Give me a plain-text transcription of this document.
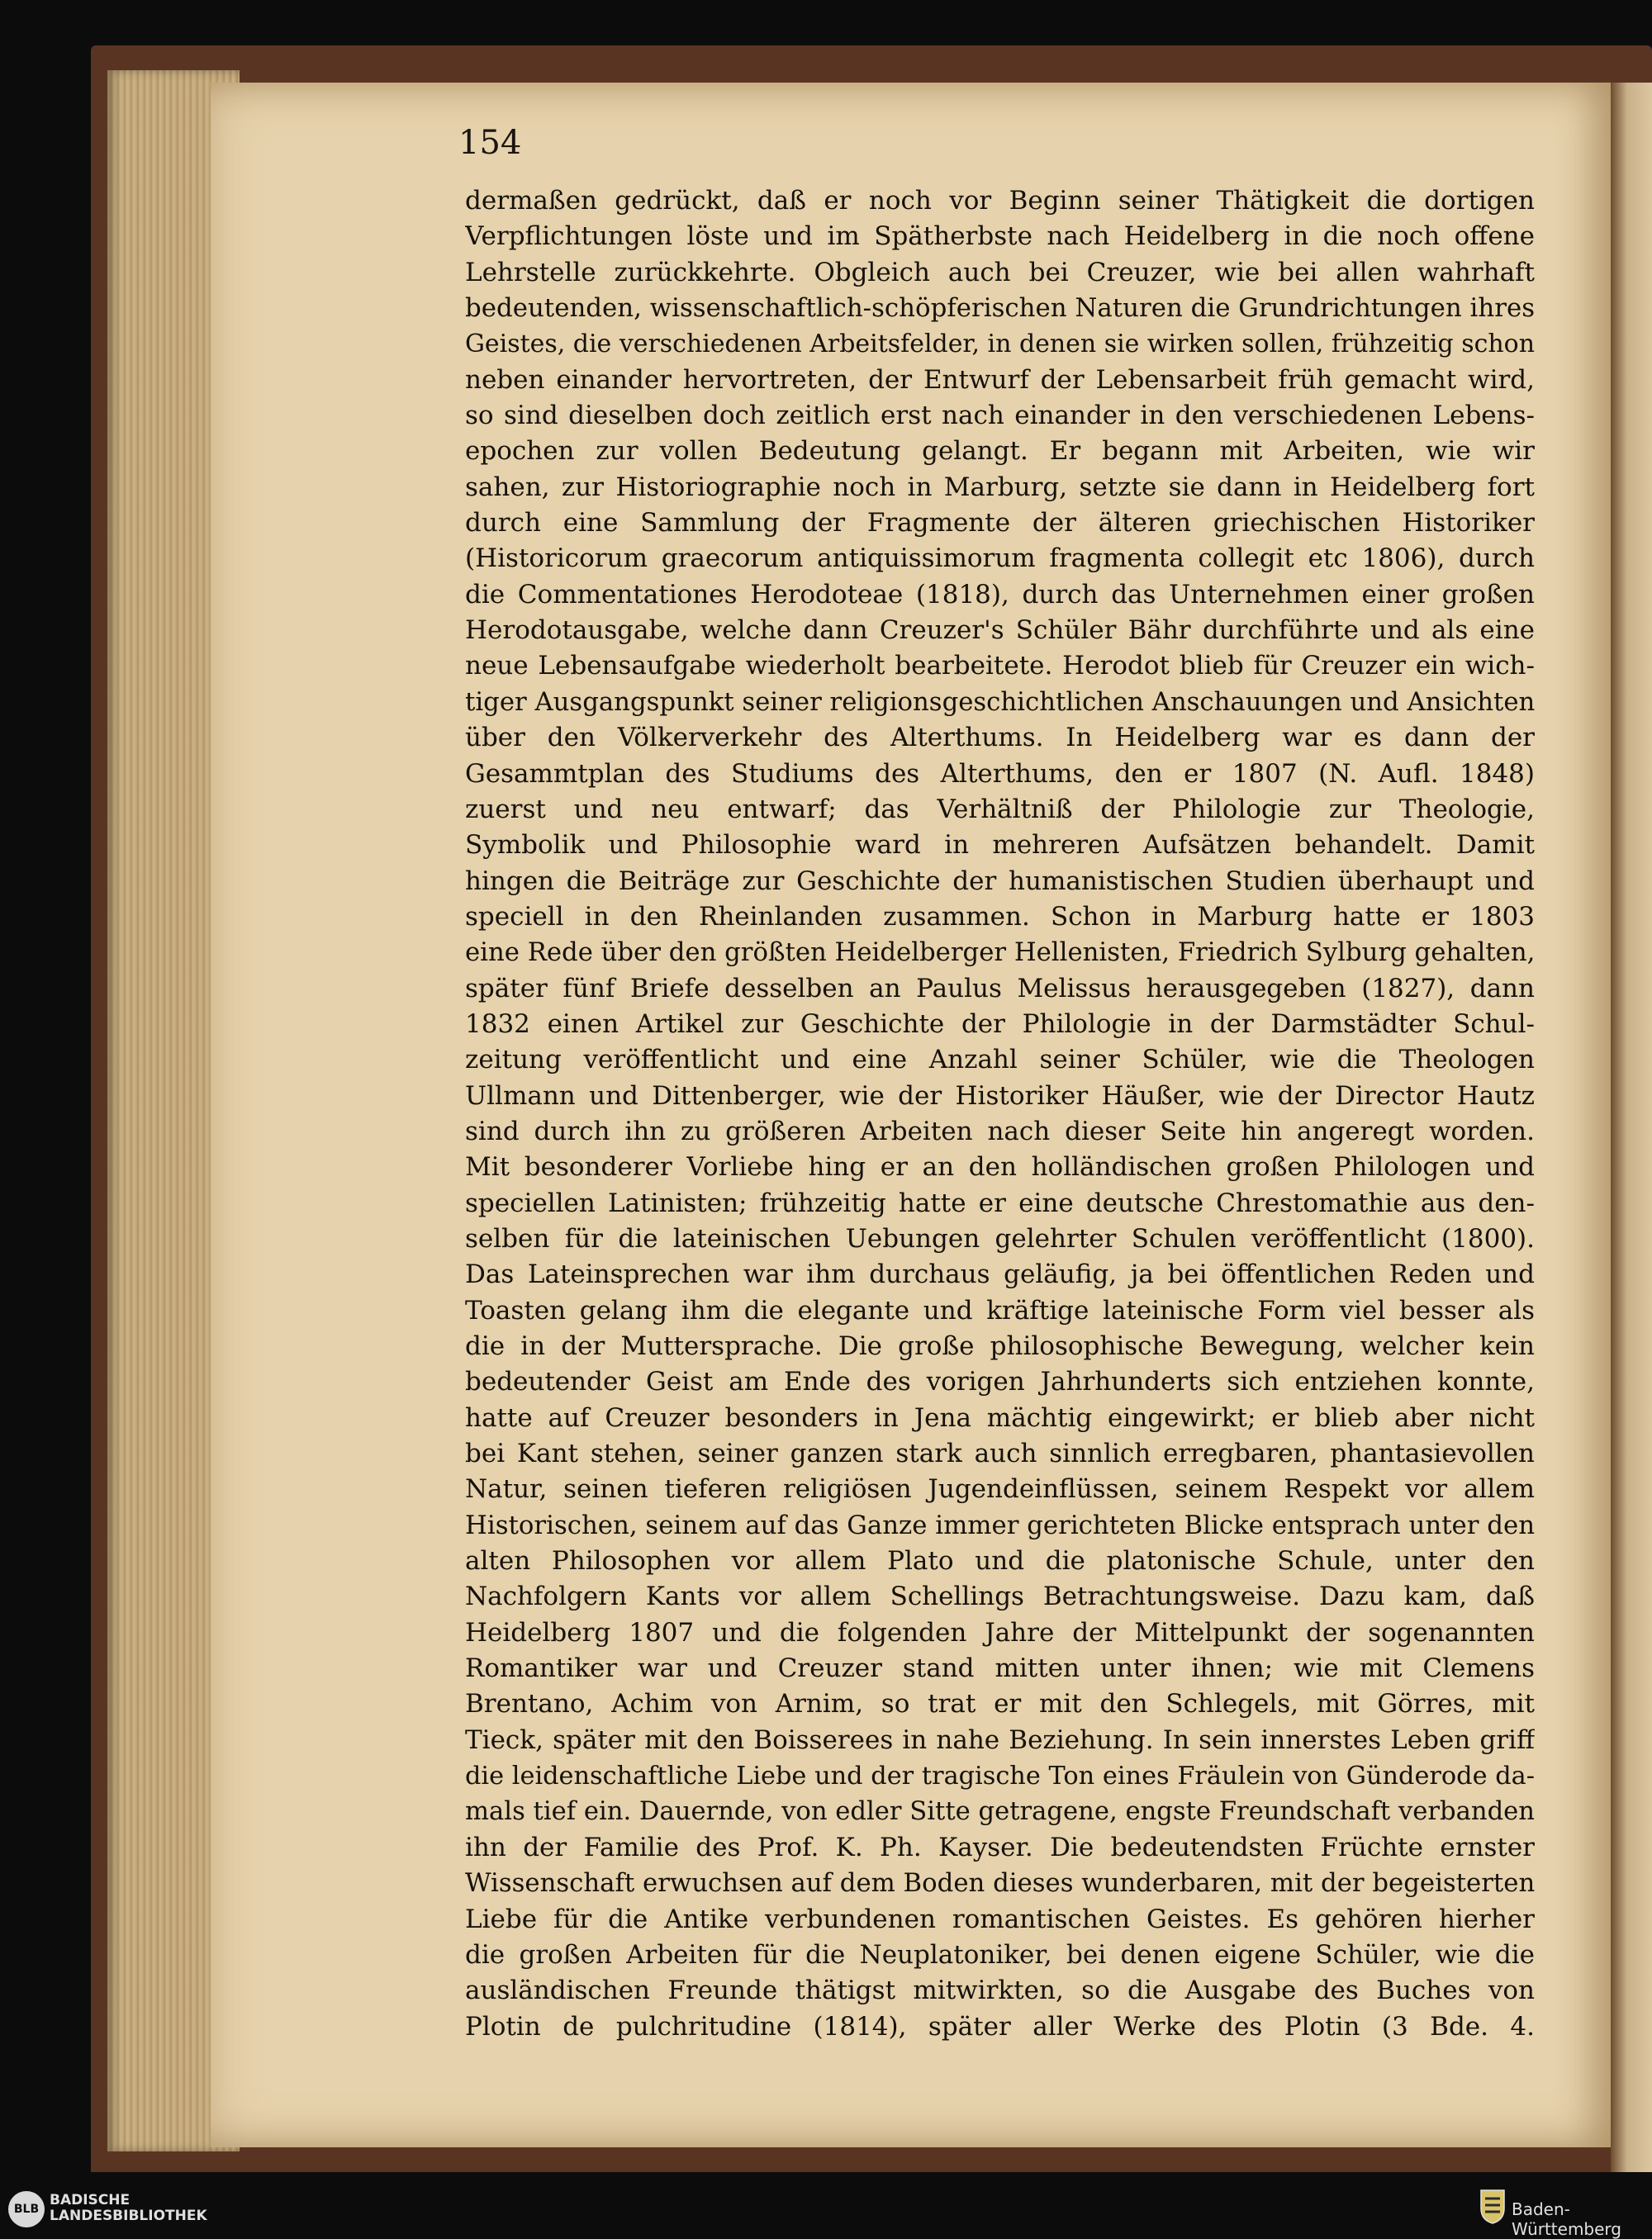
154
dermaßen gedrückt, daß er noch vor Beginn seiner Thätigkeit die dortigen
Verpflichtungen löste und im Spätherbste nach Heidelberg in die noch offene
Lehrstelle zurückkehrte. Obgleich auch bei Creuzer, wie bei allen wahrhaft
bedeutenden, wissenschaftlich-schöpferischen Naturen die Grundrichtungen ihres
Geistes, die verschiedenen Arbeitsfelder, in denen sie wirken sollen, frühzeitig schon
neben einander hervortreten, der Entwurf der Lebensarbeit früh gemacht wird,
so sind dieselben doch zeitlich erst nach einander in den verschiedenen Lebens-
epochen zur vollen Bedeutung gelangt. Er begann mit Arbeiten, wie wir
sahen, zur Historiographie noch in Marburg, setzte sie dann in Heidelberg fort
durch eine Sammlung der Fragmente der älteren griechischen Historiker
(Historicorum graecorum antiquissimorum fragmenta collegit etc 1806), durch
die Commentationes Herodoteae (1818), durch das Unternehmen einer großen
Herodotausgabe, welche dann Creuzer's Schüler Bähr durchführte und als eine
neue Lebensaufgabe wiederholt bearbeitete. Herodot blieb für Creuzer ein wich-
tiger Ausgangspunkt seiner religionsgeschichtlichen Anschauungen und Ansichten
über den Völkerverkehr des Alterthums. In Heidelberg war es dann der
Gesammtplan des Studiums des Alterthums, den er 1807 (N. Aufl. 1848)
zuerst und neu entwarf; das Verhältniß der Philologie zur Theologie,
Symbolik und Philosophie ward in mehreren Aufsätzen behandelt. Damit
hingen die Beiträge zur Geschichte der humanistischen Studien überhaupt und
speciell in den Rheinlanden zusammen. Schon in Marburg hatte er 1803
eine Rede über den größten Heidelberger Hellenisten, Friedrich Sylburg gehalten,
später fünf Briefe desselben an Paulus Melissus herausgegeben (1827), dann
1832 einen Artikel zur Geschichte der Philologie in der Darmstädter Schul-
zeitung veröffentlicht und eine Anzahl seiner Schüler, wie die Theologen
Ullmann und Dittenberger, wie der Historiker Häußer, wie der Director Hautz
sind durch ihn zu größeren Arbeiten nach dieser Seite hin angeregt worden.
Mit besonderer Vorliebe hing er an den holländischen großen Philologen und
speciellen Latinisten; frühzeitig hatte er eine deutsche Chrestomathie aus den-
selben für die lateinischen Uebungen gelehrter Schulen veröffentlicht (1800).
Das Lateinsprechen war ihm durchaus geläufig, ja bei öffentlichen Reden und
Toasten gelang ihm die elegante und kräftige lateinische Form viel besser als
die in der Muttersprache. Die große philosophische Bewegung, welcher kein
bedeutender Geist am Ende des vorigen Jahrhunderts sich entziehen konnte,
hatte auf Creuzer besonders in Jena mächtig eingewirkt; er blieb aber nicht
bei Kant stehen, seiner ganzen stark auch sinnlich erregbaren, phantasievollen
Natur, seinen tieferen religiösen Jugendeinflüssen, seinem Respekt vor allem
Historischen, seinem auf das Ganze immer gerichteten Blicke entsprach unter den
alten Philosophen vor allem Plato und die platonische Schule, unter den
Nachfolgern Kants vor allem Schellings Betrachtungsweise. Dazu kam, daß
Heidelberg 1807 und die folgenden Jahre der Mittelpunkt der sogenannten
Romantiker war und Creuzer stand mitten unter ihnen; wie mit Clemens
Brentano, Achim von Arnim, so trat er mit den Schlegels, mit Görres, mit
Tieck, später mit den Boisserees in nahe Beziehung. In sein innerstes Leben griff
die leidenschaftliche Liebe und der tragische Ton eines Fräulein von Günderode da-
mals tief ein. Dauernde, von edler Sitte getragene, engste Freundschaft verbanden
ihn der Familie des Prof. K. Ph. Kayser. Die bedeutendsten Früchte ernster
Wissenschaft erwuchsen auf dem Boden dieses wunderbaren, mit der begeisterten
Liebe für die Antike verbundenen romantischen Geistes. Es gehören hierher
die großen Arbeiten für die Neuplatoniker, bei denen eigene Schüler, wie die
ausländischen Freunde thätigst mitwirkten, so die Ausgabe des Buches von
Plotin de pulchritudine (1814), später aller Werke des Plotin (3 Bde. 4.
BLB
BADISCHE
LANDESBIBLIOTHEK	Baden-Württemberg
